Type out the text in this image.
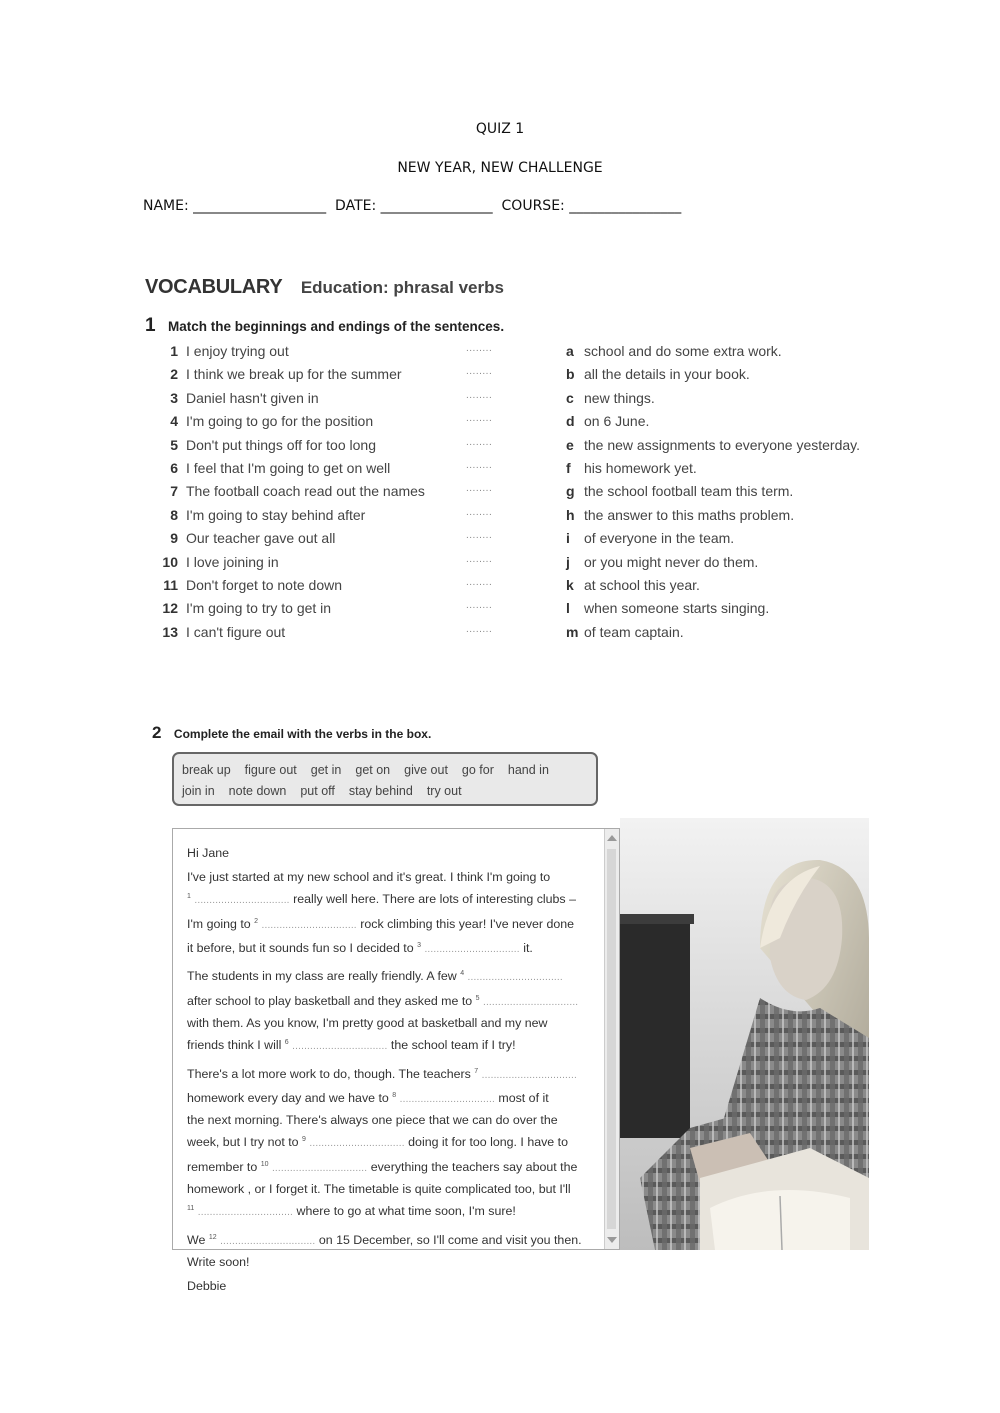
QUIZ 1
NEW YEAR, NEW CHALLENGE
NAME: ___________________  DATE: ________________  COURSE: ________________
VOCABULARY Education: phrasal verbs
1 Match the beginnings and endings of the sentences.
1 I enjoy trying out	........	a school and do some extra work.
2 I think we break up for the summer	........	b all the details in your book.
3 Daniel hasn't given in	........	c new things.
4 I'm going to go for the position	........	d on 6 June.
5 Don't put things off for too long	........	e the new assignments to everyone yesterday.
6 I feel that I'm going to get on well	........	f his homework yet.
7 The football coach read out the names	........	g the school football team this term.
8 I'm going to stay behind after	........	h the answer to this maths problem.
9 Our teacher gave out all	........	i of everyone in the team.
10 I love joining in	........	j or you might never do them.
11 Don't forget to note down	........	k at school this year.
12 I'm going to try to get in	........	l when someone starts singing.
13 I can't figure out	........	m of team captain.
2 Complete the email with the verbs in the box.
break up figure out get in get on give out go for hand in
join in note down put off stay behind try out

Hi Jane

I've just started at my new school and it's great. I think I'm going to
$^1$ ................................ really well here. There are lots of interesting clubs –
I'm going to $^2$ ................................ rock climbing this year! I've never done
it before, but it sounds fun so I decided to $^3$ ................................ it.

The students in my class are really friendly. A few $^4$ ................................
after school to play basketball and they asked me to $^5$ ................................
with them. As you know, I'm pretty good at basketball and my new
friends think I will $^6$ ................................ the school team if I try!

There's a lot more work to do, though. The teachers $^7$ ................................
homework every day and we have to $^8$ ................................ most of it
the next morning. There's always one piece that we can do over the
week, but I try not to $^9$ ................................ doing it for too long. I have to
remember to $^{10}$ ................................ everything the teachers say about the
homework , or I forget it. The timetable is quite complicated too, but I'll
$^{11}$ ................................ where to go at what time soon, I'm sure!

We $^{12}$ ................................ on 15 December, so I'll come and visit you then.
Write soon!

Debbie
